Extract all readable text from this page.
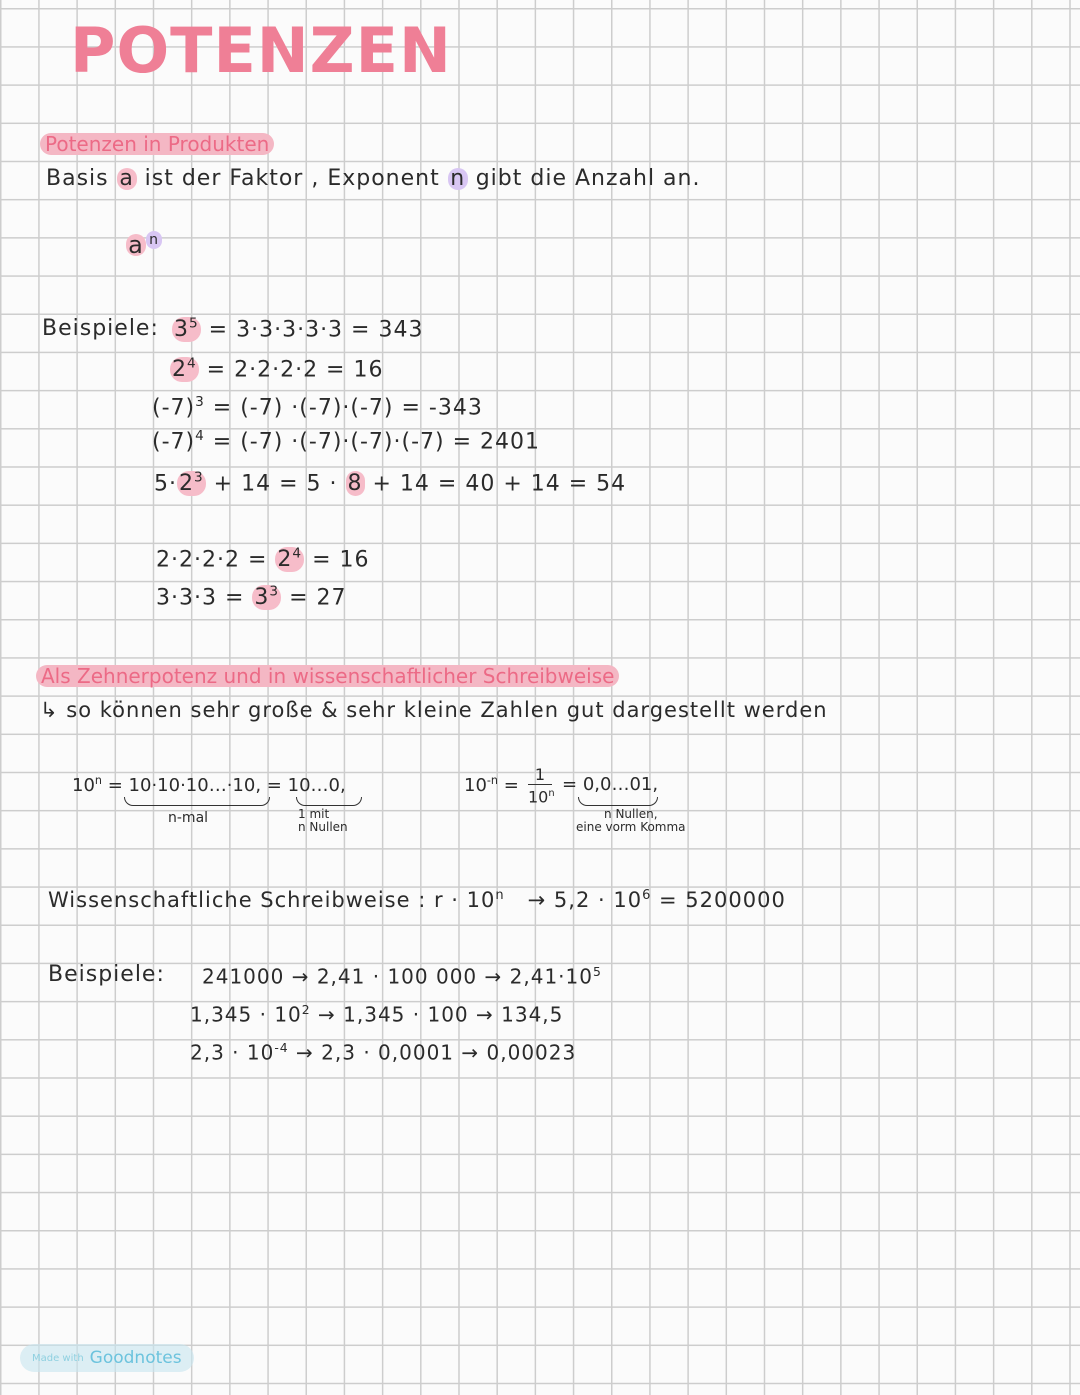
POTENZEN
Potenzen in Produkten
Basis a ist der Faktor , Exponent n gibt die Anzahl an.
a $^n$
Beispiele: $3^5 = 3\cdot 3\cdot 3\cdot 3\cdot 3 = 343$
$2^4 = 2\cdot 2\cdot 2\cdot 2 = 16$
$(-7)^3 = (-7) \cdot(-7)\cdot(-7) = -343$
$(-7)^4 = (-7) \cdot(-7)\cdot(-7)\cdot(-7) = 2401$
$5\cdot 2^3 + 14 = 5 \cdot 8 + 14 = 40 + 14 = 54$
$2\cdot 2\cdot 2\cdot 2 = 2^4 = 16$
$3\cdot 3\cdot 3 = 3^3 = 27$
Als Zehnerpotenz und in wissenschaftlicher Schreibweise
↳ so können sehr große & sehr kleine Zahlen gut dargestellt werden
$10^n$ = 10·10·10…·10, = 10…0,
n-mal	1 mit
n Nullen
$10^{-n}$ =
1
$10^n$ = 0,0…01,
n Nullen,
eine vorm Komma
Wissenschaftliche Schreibweise : $r \cdot 10^n \to 5,2 \cdot 10^6 = 5200000$
Beispiele: 241000 → 2,41 · 100 $000 \to 2,41\cdot 10^5$
$1,345 \cdot 10^2 \to 1,345 \cdot 100 \to 134,5$
$2,3 \cdot 10^{-4} \to 2,3 \cdot 0,0001 \to 0,00023$
Made with Goodnotes
